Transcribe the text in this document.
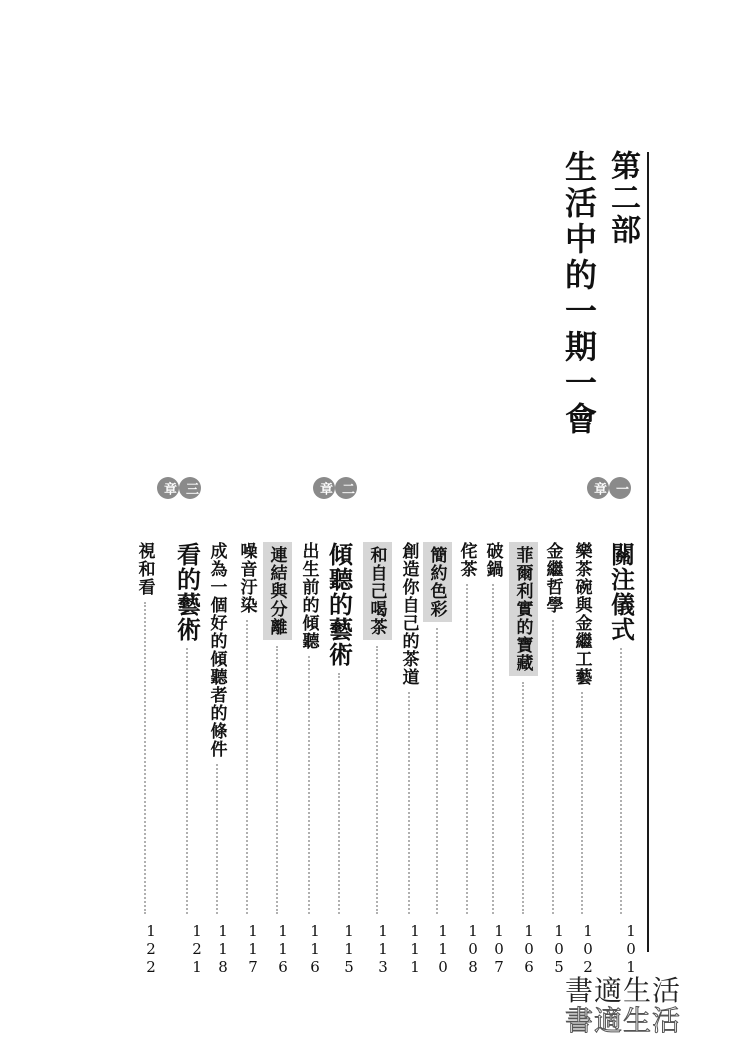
第二部
生活中的一期一會
一
章
二
章
三
章
關注儀式
101
樂茶碗與金繼工藝
102
金繼哲學
105
菲爾利實的寶藏
106
破鍋
107
侘茶
108
簡約色彩
110
創造你自己的茶道
111
和自己喝茶
113
傾聽的藝術
115
出生前的傾聽
116
連結與分離
116
噪音汙染
117
成為一個好的傾聽者的條件
118
看的藝術
121
視和看
122
書適生活
書適生活
